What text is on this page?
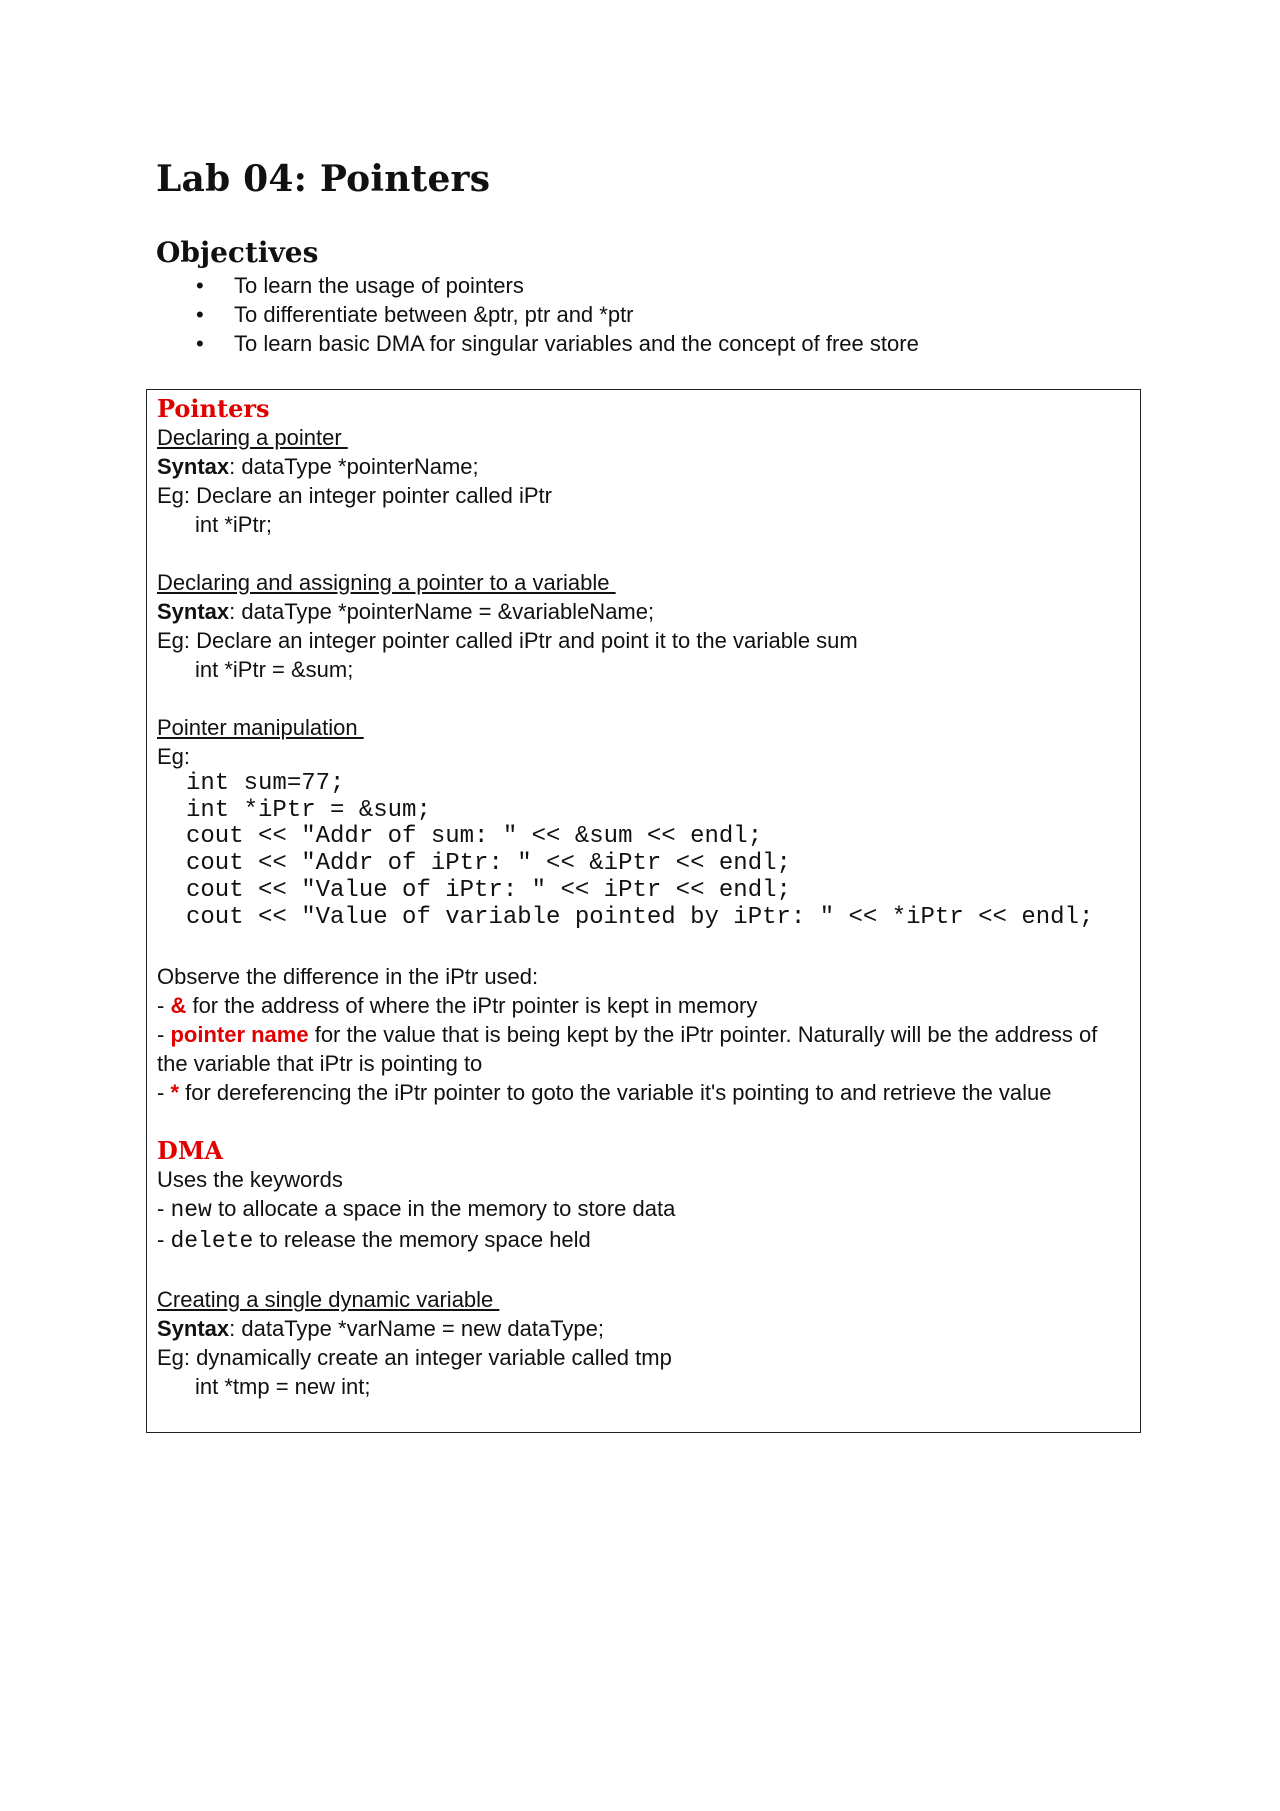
Lab 04: Pointers
Objectives
• To learn the usage of pointers
• To differentiate between &ptr, ptr and *ptr
• To learn basic DMA for singular variables and the concept of free store

Pointers

Declaring a pointer

Syntax: dataType *pointerName;

Eg: Declare an integer pointer called iPtr

int *iPtr;

Declaring and assigning a pointer to a variable

Syntax: dataType *pointerName = &variableName;

Eg: Declare an integer pointer called iPtr and point it to the variable sum

int *iPtr = &sum;

Pointer manipulation

Eg:

int sum=77;

int *iPtr = &sum;

cout << "Addr of sum: " << &sum << endl;

cout << "Addr of iPtr: " << &iPtr << endl;

cout << "Value of iPtr: " << iPtr << endl;

cout << "Value of variable pointed by iPtr: " << *iPtr << endl;

Observe the difference in the iPtr used:

- & for the address of where the iPtr pointer is kept in memory

- pointer name for the value that is being kept by the iPtr pointer. Naturally will be the address of the variable that iPtr is pointing to

- * for dereferencing the iPtr pointer to goto the variable it's pointing to and retrieve the value

DMA

Uses the keywords

- new to allocate a space in the memory to store data

- delete to release the memory space held

Creating a single dynamic variable

Syntax: dataType *varName = new dataType;

Eg: dynamically create an integer variable called tmp

int *tmp = new int;
